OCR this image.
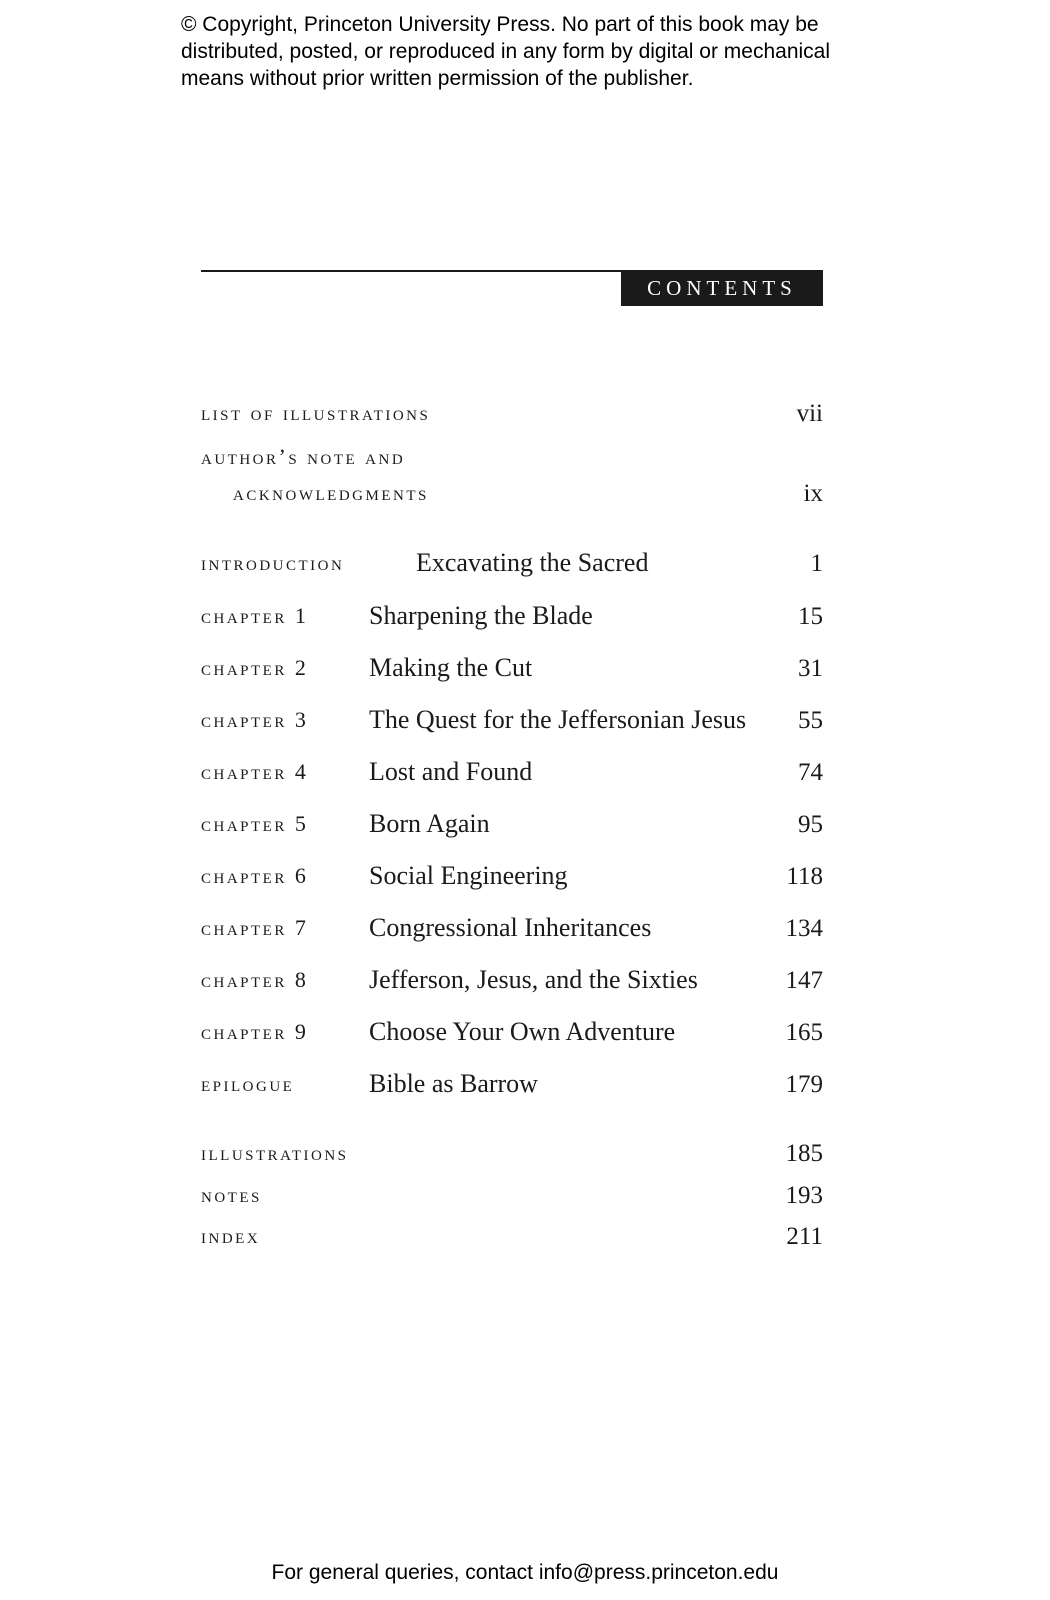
© Copyright, Princeton University Press. No part of this book may be
distributed, posted, or reproduced in any form by digital or mechanical
means without prior written permission of the publisher.
CONTENTS
list of illustrations	vii
author’s note and
acknowledgments	ix
introduction	Excavating the Sacred	1
chapter 1 Sharpening the Blade	15
chapter 2 Making the Cut	31
chapter 3 The Quest for the Jeffersonian Jesus 55
chapter 4 Lost and Found	74
chapter 5 Born Again	95
chapter 6 Social Engineering	118
chapter 7 Congressional Inheritances	134
chapter 8 Jefferson, Jesus, and the Sixties	147
chapter 9 Choose Your Own Adventure	165
epilogue	Bible as Barrow	179
illustrations	185
notes	193
index	211
For general queries, contact info@press.princeton.edu
